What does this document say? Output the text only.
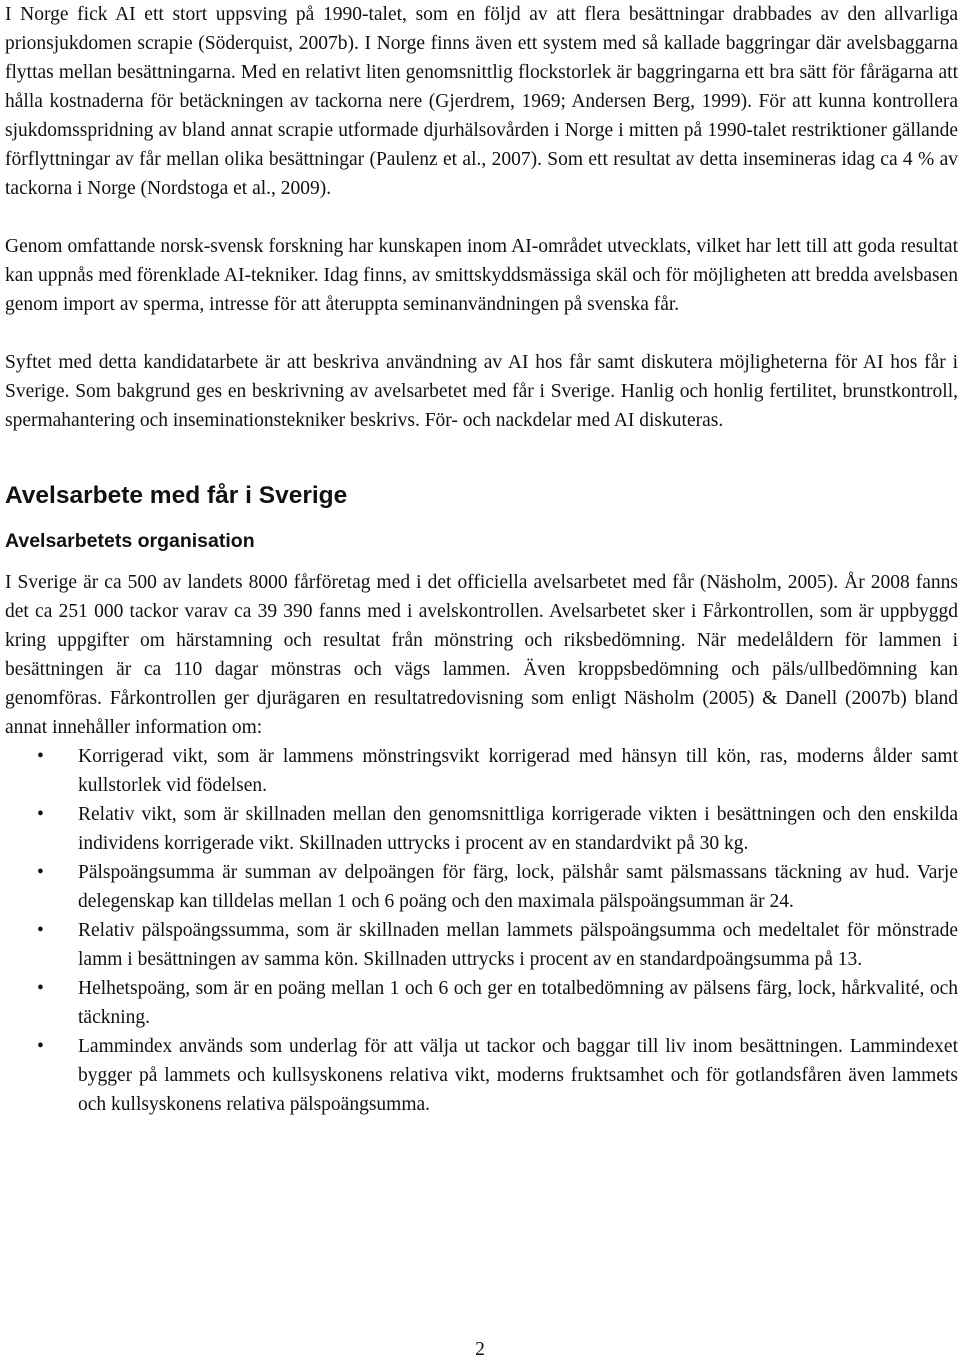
I Norge fick AI ett stort uppsving på 1990-talet, som en följd av att flera besättningar drabbades av den allvarliga prionsjukdomen scrapie (Söderquist, 2007b). I Norge finns även ett system med så kallade baggringar där avelsbaggarna flyttas mellan besättningarna. Med en relativt liten genomsnittlig flockstorlek är baggringarna ett bra sätt för fårägarna att hålla kostnaderna för betäckningen av tackorna nere (Gjerdrem, 1969; Andersen Berg, 1999). För att kunna kontrollera sjukdomsspridning av bland annat scrapie utformade djurhälsovården i Norge i mitten på 1990-talet restriktioner gällande förflyttningar av får mellan olika besättningar (Paulenz et al., 2007). Som ett resultat av detta insemineras idag ca 4 % av tackorna i Norge (Nordstoga et al., 2009).

Genom omfattande norsk-svensk forskning har kunskapen inom AI-området utvecklats, vilket har lett till att goda resultat kan uppnås med förenklade AI-tekniker. Idag finns, av smittskyddsmässiga skäl och för möjligheten att bredda avelsbasen genom import av sperma, intresse för att återuppta seminanvändningen på svenska får.

Syftet med detta kandidatarbete är att beskriva användning av AI hos får samt diskutera möjligheterna för AI hos får i Sverige. Som bakgrund ges en beskrivning av avelsarbetet med får i Sverige. Hanlig och honlig fertilitet, brunstkontroll, spermahantering och inseminationstekniker beskrivs. För- och nackdelar med AI diskuteras.

Avelsarbete med får i Sverige
Avelsarbetets organisation

I Sverige är ca 500 av landets 8000 fårföretag med i det officiella avelsarbetet med får (Näsholm, 2005). År 2008 fanns det ca 251 000 tackor varav ca 39 390 fanns med i avelskontrollen. Avelsarbetet sker i Fårkontrollen, som är uppbyggd kring uppgifter om härstamning och resultat från mönstring och riksbedömning. När medelåldern för lammen i besättningen är ca 110 dagar mönstras och vägs lammen. Även kroppsbedömning och päls/ullbedömning kan genomföras. Fårkontrollen ger djurägaren en resultatredovisning som enligt Näsholm (2005) & Danell (2007b) bland annat innehåller information om:

• Korrigerad vikt, som är lammens mönstringsvikt korrigerad med hänsyn till kön, ras, moderns ålder samt kullstorlek vid födelsen.

• Relativ vikt, som är skillnaden mellan den genomsnittliga korrigerade vikten i besättningen och den enskilda individens korrigerade vikt. Skillnaden uttrycks i procent av en standardvikt på 30 kg.

• Pälspoängsumma är summan av delpoängen för färg, lock, pälshår samt pälsmassans täckning av hud. Varje delegenskap kan tilldelas mellan 1 och 6 poäng och den maximala pälspoängsumman är 24.

• Relativ pälspoängssumma, som är skillnaden mellan lammets pälspoängsumma och medeltalet för mönstrade lamm i besättningen av samma kön. Skillnaden uttrycks i procent av en standardpoängsumma på 13.

• Helhetspoäng, som är en poäng mellan 1 och 6 och ger en totalbedömning av pälsens färg, lock, hårkvalité, och täckning.

• Lammindex används som underlag för att välja ut tackor och baggar till liv inom besättningen. Lammindexet bygger på lammets och kullsyskonens relativa vikt, moderns fruktsamhet och för gotlandsfåren även lammets och kullsyskonens relativa pälspoängsumma.

2
